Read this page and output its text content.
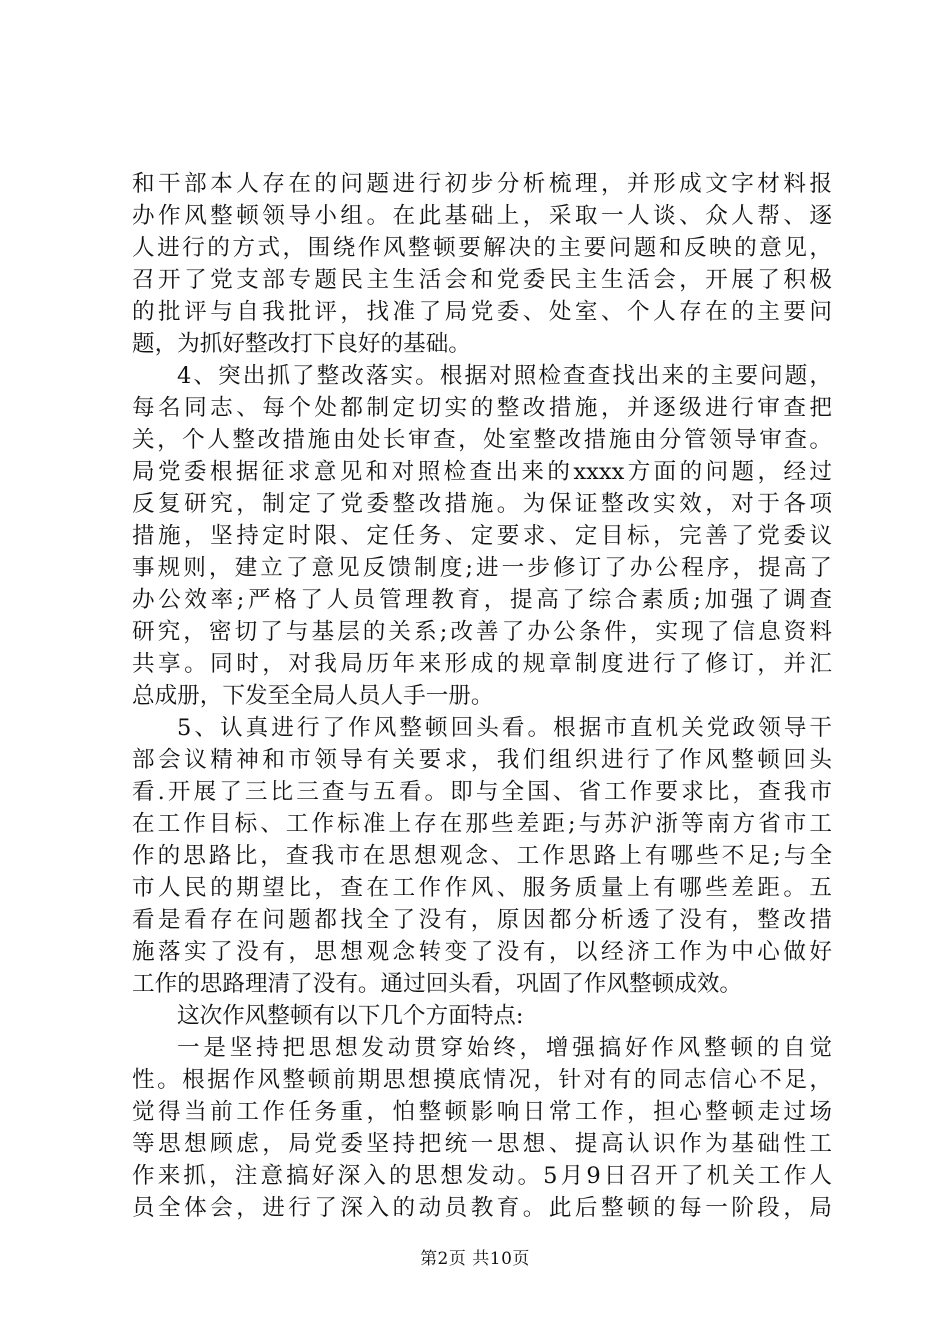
和干部本人存在的问题进行初步分析梳理，并形成文字材料报
办作风整顿领导小组。在此基础上，采取一人谈、众人帮、逐
人进行的方式，围绕作风整顿要解决的主要问题和反映的意见，
召开了党支部专题民主生活会和党委民主生活会，开展了积极
的批评与自我批评，找准了局党委、处室、个人存在的主要问
题，为抓好整改打下良好的基础。
4、突出抓了整改落实。根据对照检查查找出来的主要问题，
每名同志、每个处都制定切实的整改措施，并逐级进行审查把
关，个人整改措施由处长审查，处室整改措施由分管领导审查。
局党委根据征求意见和对照检查出来的xxxx方面的问题，经过
反复研究，制定了党委整改措施。为保证整改实效，对于各项
措施，坚持定时限、定任务、定要求、定目标，完善了党委议
事规则，建立了意见反馈制度;进一步修订了办公程序，提高了
办公效率;严格了人员管理教育，提高了综合素质;加强了调查
研究，密切了与基层的关系;改善了办公条件，实现了信息资料
共享。同时，对我局历年来形成的规章制度进行了修订，并汇
总成册，下发至全局人员人手一册。
5、认真进行了作风整顿回头看。根据市直机关党政领导干
部会议精神和市领导有关要求，我们组织进行了作风整顿回头
看.开展了三比三查与五看。即与全国、省工作要求比，查我市
在工作目标、工作标准上存在那些差距;与苏沪浙等南方省市工
作的思路比，查我市在思想观念、工作思路上有哪些不足;与全
市人民的期望比，查在工作作风、服务质量上有哪些差距。五
看是看存在问题都找全了没有，原因都分析透了没有，整改措
施落实了没有，思想观念转变了没有，以经济工作为中心做好
工作的思路理清了没有。通过回头看，巩固了作风整顿成效。
这次作风整顿有以下几个方面特点:
一是坚持把思想发动贯穿始终，增强搞好作风整顿的自觉
性。根据作风整顿前期思想摸底情况，针对有的同志信心不足，
觉得当前工作任务重，怕整顿影响日常工作，担心整顿走过场
等思想顾虑，局党委坚持把统一思想、提高认识作为基础性工
作来抓，注意搞好深入的思想发动。5月9日召开了机关工作人
员全体会，进行了深入的动员教育。此后整顿的每一阶段，局
第2页 共10页
